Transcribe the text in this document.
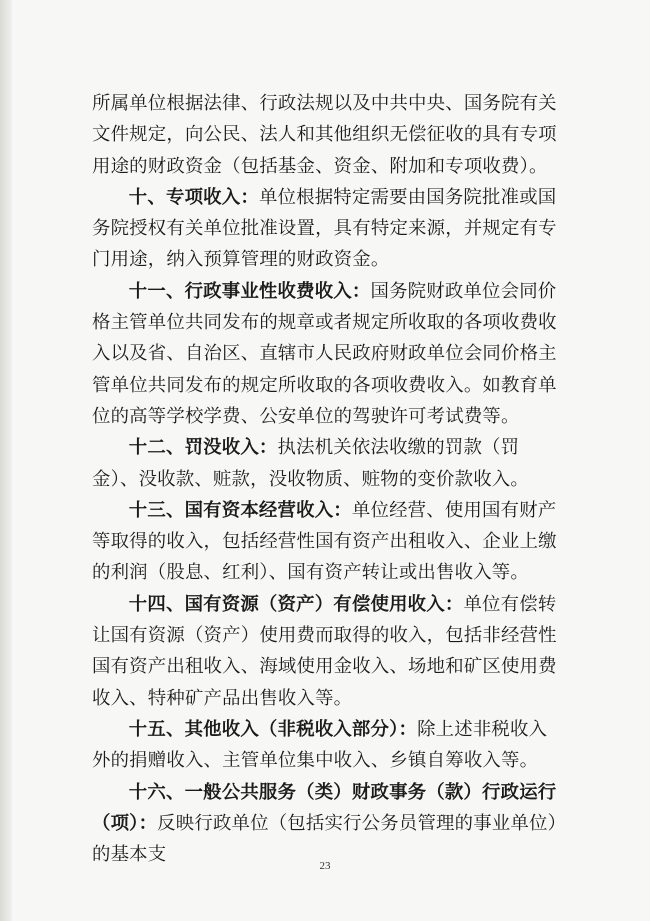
所属单位根据法律、行政法规以及中共中央、国务院有关文件规定，向公民、法人和其他组织无偿征收的具有专项用途的财政资金（包括基金、资金、附加和专项收费）。

十、专项收入：单位根据特定需要由国务院批准或国务院授权有关单位批准设置，具有特定来源，并规定有专门用途，纳入预算管理的财政资金。

十一、行政事业性收费收入：国务院财政单位会同价格主管单位共同发布的规章或者规定所收取的各项收费收入以及省、自治区、直辖市人民政府财政单位会同价格主管单位共同发布的规定所收取的各项收费收入。如教育单位的高等学校学费、公安单位的驾驶许可考试费等。

十二、罚没收入：执法机关依法收缴的罚款（罚金）、没收款、赃款，没收物质、赃物的变价款收入。

十三、国有资本经营收入：单位经营、使用国有财产等取得的收入，包括经营性国有资产出租收入、企业上缴的利润（股息、红利）、国有资产转让或出售收入等。

十四、国有资源（资产）有偿使用收入：单位有偿转让国有资源（资产）使用费而取得的收入，包括非经营性国有资产出租收入、海域使用金收入、场地和矿区使用费收入、特种矿产品出售收入等。

十五、其他收入（非税收入部分）：除上述非税收入外的捐赠收入、主管单位集中收入、乡镇自筹收入等。

十六、一般公共服务（类）财政事务（款）行政运行（项）：反映行政单位（包括实行公务员管理的事业单位）的基本支

23
